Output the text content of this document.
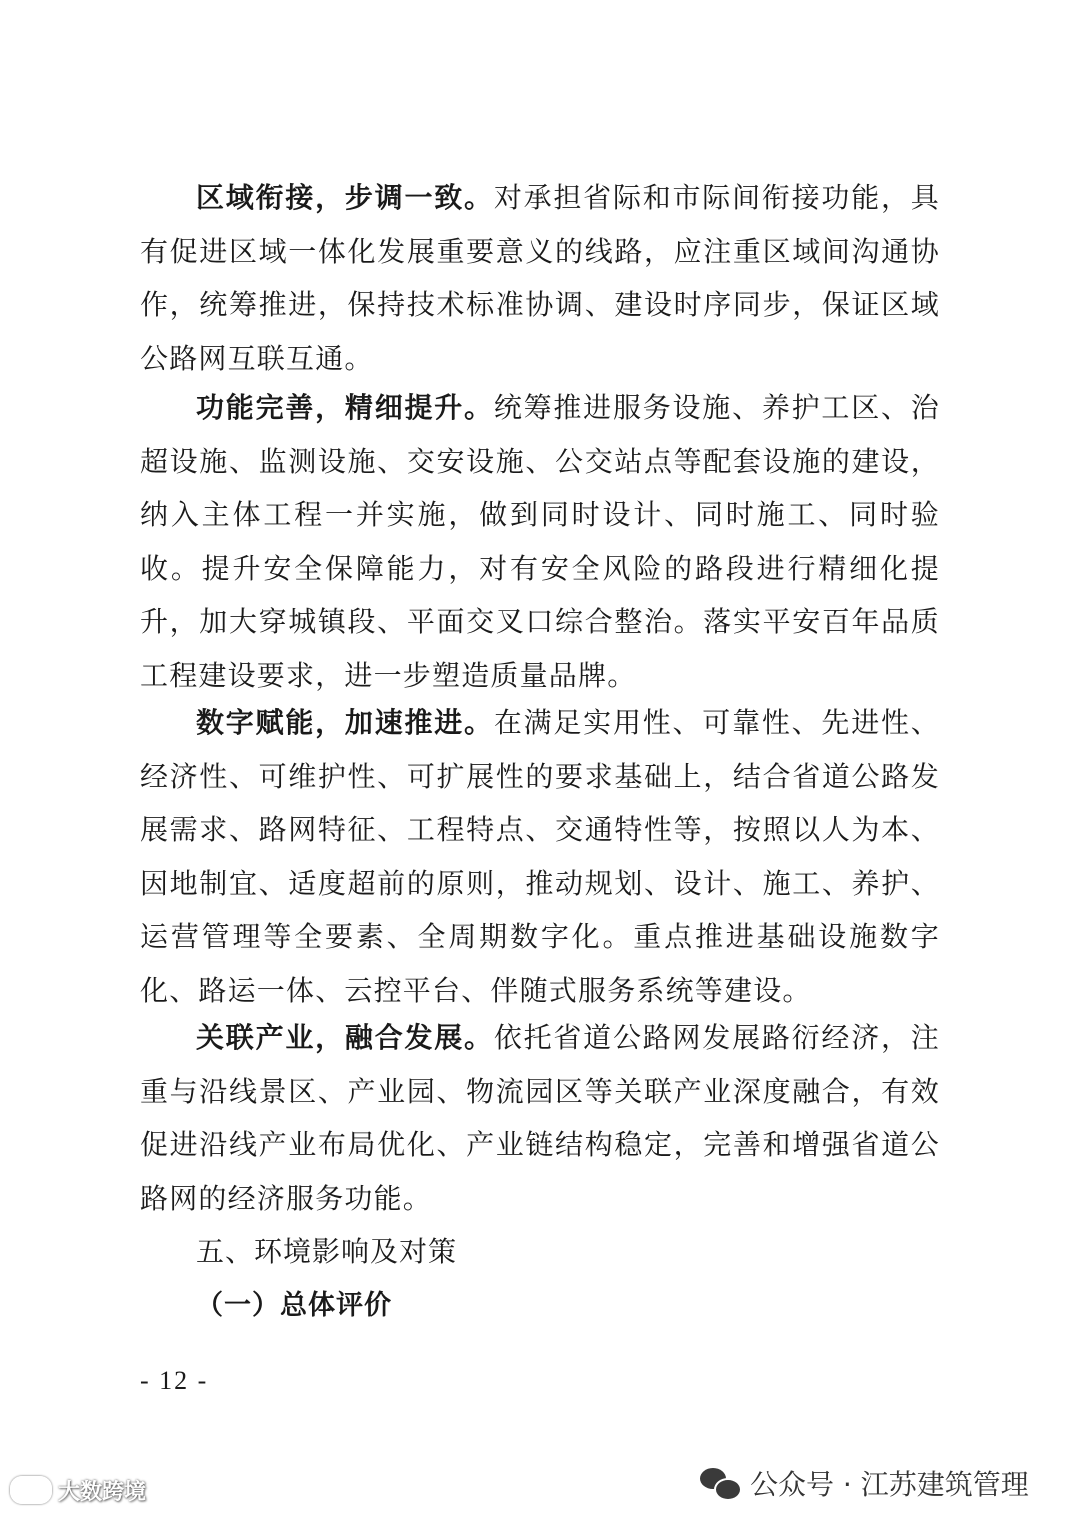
区域衔接，步调一致。对承担省际和市际间衔接功能，具有促进区域一体化发展重要意义的线路，应注重区域间沟通协作，统筹推进，保持技术标准协调、建设时序同步，保证区域公路网互联互通。

功能完善，精细提升。统筹推进服务设施、养护工区、治超设施、监测设施、交安设施、公交站点等配套设施的建设，纳入主体工程一并实施，做到同时设计、同时施工、同时验收。提升安全保障能力，对有安全风险的路段进行精细化提升，加大穿城镇段、平面交叉口综合整治。落实平安百年品质工程建设要求，进一步塑造质量品牌。

数字赋能，加速推进。在满足实用性、可靠性、先进性、经济性、可维护性、可扩展性的要求基础上，结合省道公路发展需求、路网特征、工程特点、交通特性等，按照以人为本、因地制宜、适度超前的原则，推动规划、设计、施工、养护、运营管理等全要素、全周期数字化。重点推进基础设施数字化、路运一体、云控平台、伴随式服务系统等建设。

关联产业，融合发展。依托省道公路网发展路衍经济，注重与沿线景区、产业园、物流园区等关联产业深度融合，有效促进沿线产业布局优化、产业链结构稳定，完善和增强省道公路网的经济服务功能。

五、环境影响及对策
（一）总体评价
- 12 -
公众号 · 江苏建筑管理
大数跨境
